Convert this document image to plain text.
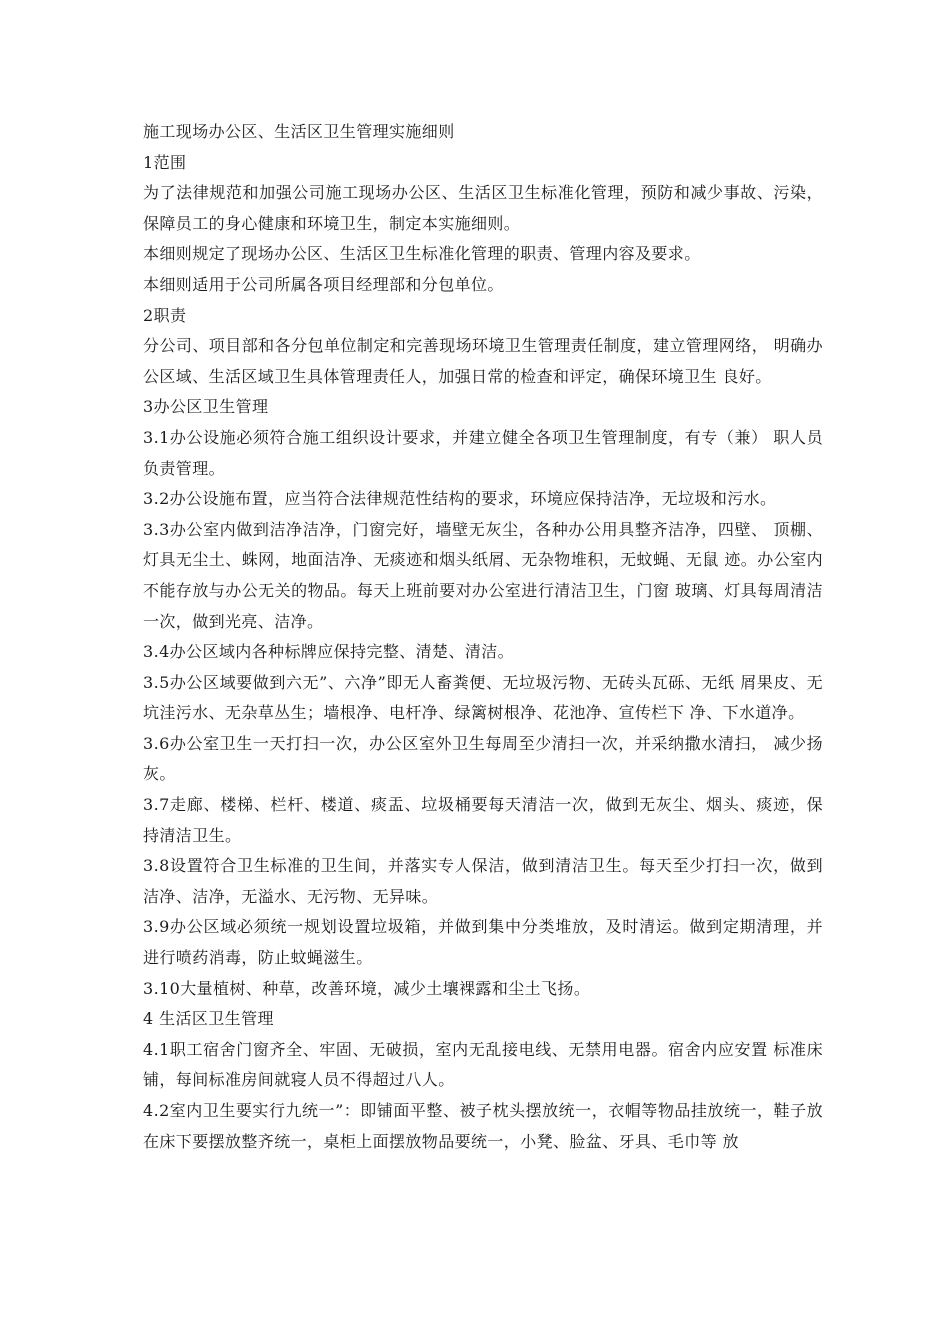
施工现场办公区、生活区卫生管理实施细则

1范围

为了法律规范和加强公司施工现场办公区、生活区卫生标准化管理，预防和减少事故、污染， 保障员工的身心健康和环境卫生，制定本实施细则。

本细则规定了现场办公区、生活区卫生标准化管理的职责、管理内容及要求。

本细则适用于公司所属各项目经理部和分包单位。

2职责

分公司、项目部和各分包单位制定和完善现场环境卫生管理责任制度，建立管理网络， 明确办公区域、生活区域卫生具体管理责任人，加强日常的检查和评定，确保环境卫生 良好。

3办公区卫生管理

3.1办公设施必须符合施工组织设计要求，并建立健全各项卫生管理制度，有专（兼） 职人员负责管理。

3.2办公设施布置，应当符合法律规范性结构的要求，环境应保持洁净，无垃圾和污水。

3.3办公室内做到洁净洁净，门窗完好，墙壁无灰尘，各种办公用具整齐洁净，四壁、 顶棚、灯具无尘土、蛛网，地面洁净、无痰迹和烟头纸屑、无杂物堆积，无蚊蝇、无鼠 迹。办公室内不能存放与办公无关的物品。每天上班前要对办公室进行清洁卫生，门窗 玻璃、灯具每周清洁一次，做到光亮、洁净。

3.4办公区域内各种标牌应保持完整、清楚、清洁。

3.5办公区域要做到六无”、六净”即无人畜粪便、无垃圾污物、无砖头瓦砾、无纸 屑果皮、无坑洼污水、无杂草丛生；墙根净、电杆净、绿篱树根净、花池净、宣传栏下 净、下水道净。

3.6办公室卫生一天打扫一次，办公区室外卫生每周至少清扫一次，并采纳撒水清扫， 减少扬灰。

3.7走廊、楼梯、栏杆、楼道、痰盂、垃圾桶要每天清洁一次，做到无灰尘、烟头、痰迹，保持清洁卫生。

3.8设置符合卫生标准的卫生间，并落实专人保洁，做到清洁卫生。每天至少打扫一次，做到洁净、洁净，无溢水、无污物、无异味。

3.9办公区域必须统一规划设置垃圾箱，并做到集中分类堆放，及时清运。做到定期清理，并进行喷药消毒，防止蚊蝇滋生。

3.10大量植树、种草，改善环境，减少土壤裸露和尘土飞扬。

4 生活区卫生管理

4.1职工宿舍门窗齐全、牢固、无破损，室内无乱接电线、无禁用电器。宿舍内应安置 标准床铺，每间标准房间就寝人员不得超过八人。

4.2室内卫生要实行九统一”：即铺面平整、被子枕头摆放统一，衣帽等物品挂放统一，鞋子放在床下要摆放整齐统一，桌柜上面摆放物品要统一，小凳、脸盆、牙具、毛巾等 放
